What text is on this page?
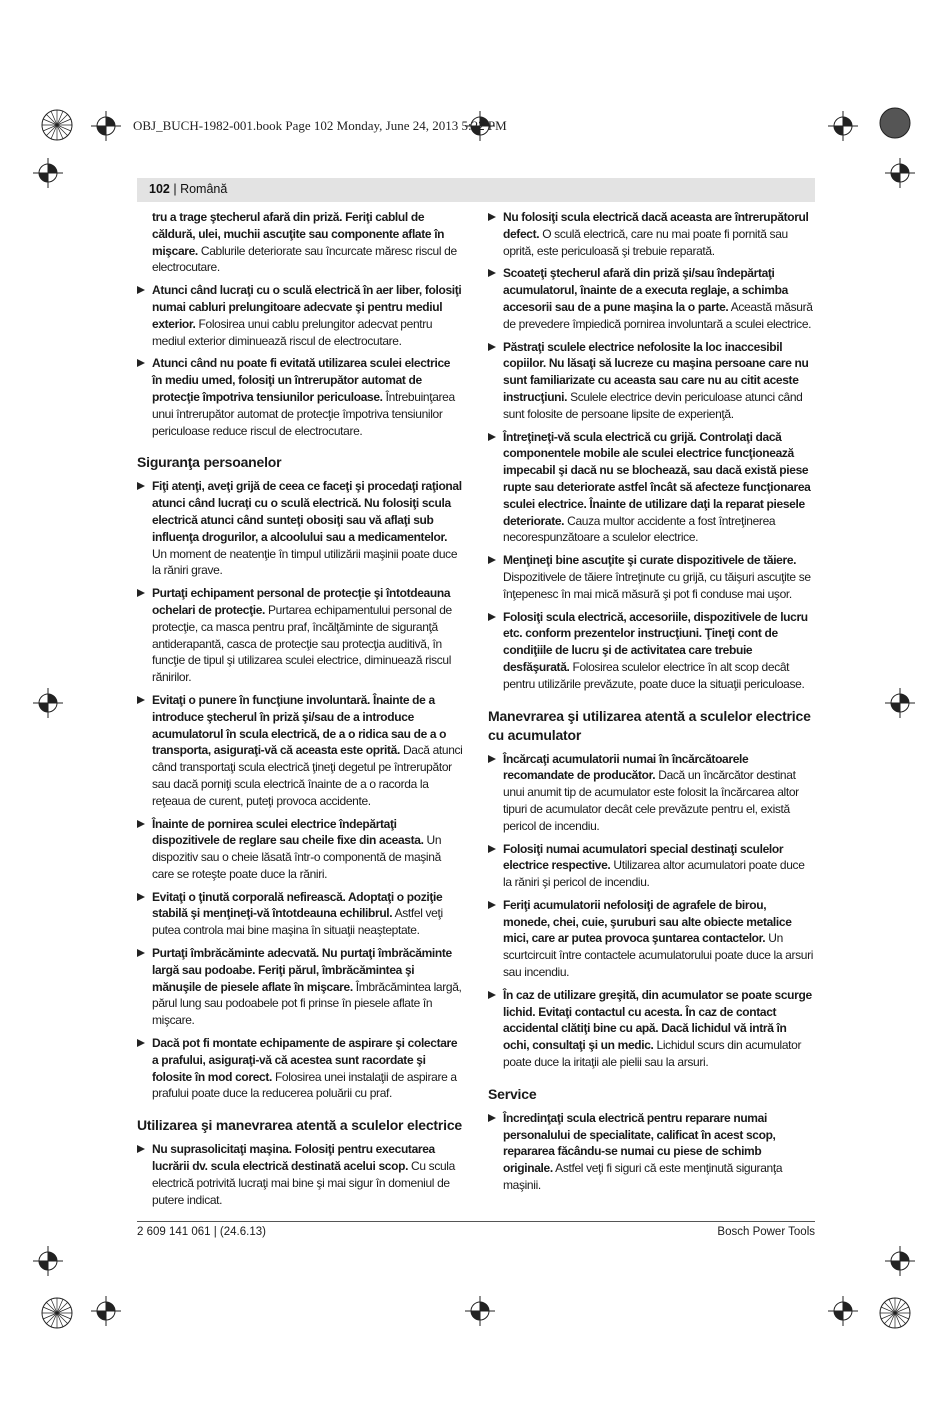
OBJ_BUCH-1982-001.book Page 102 Monday, June 24, 2013 5:22 PM
102 | Română
tru a trage ştecherul afară din priză. Feriţi cablul de căldură, ulei, muchii ascuţite sau componente aflate în mişcare. Cablurile deteriorate sau încurcate măresc riscul de electrocutare.
Atunci când lucraţi cu o sculă electrică în aer liber, folosiţi numai cabluri prelungitoare adecvate şi pentru mediul exterior. Folosirea unui cablu prelungitor adecvat pentru mediul exterior diminuează riscul de electrocutare.
Atunci când nu poate fi evitată utilizarea sculei electrice în mediu umed, folosiţi un întrerupător automat de protecţie împotriva tensiunilor periculoase. Întrebuinţarea unui întrerupător automat de protecţie împotriva tensiunilor periculoase reduce riscul de electrocutare.
Siguranţa persoanelor
Fiţi atenţi, aveţi grijă de ceea ce faceţi şi procedaţi raţional atunci când lucraţi cu o sculă electrică. Nu folosiţi scula electrică atunci când sunteţi obosiţi sau vă aflaţi sub influenţa drogurilor, a alcoolului sau a medicamentelor. Un moment de neatenţie în timpul utilizării maşinii poate duce la răniri grave.
Purtaţi echipament personal de protecţie şi întotdeauna ochelari de protecţie. Purtarea echipamentului personal de protecţie, ca masca pentru praf, încălţăminte de siguranţă antiderapantă, casca de protecţie sau protecţia auditivă, în funcţie de tipul şi utilizarea sculei electrice, diminuează riscul rănirilor.
Evitaţi o punere în funcţiune involuntară. Înainte de a introduce ştecherul în priză şi/sau de a introduce acumulatorul în scula electrică, de a o ridica sau de a o transporta, asiguraţi-vă că aceasta este oprită. Dacă atunci când transportaţi scula electrică ţineţi degetul pe întrerupător sau dacă porniţi scula electrică înainte de a o racorda la reţeaua de curent, puteţi provoca accidente.
Înainte de pornirea sculei electrice îndepărtaţi dispozitivele de reglare sau cheile fixe din aceasta. Un dispozitiv sau o cheie lăsată într-o componentă de maşină care se roteşte poate duce la răniri.
Evitaţi o ţinută corporală nefirească. Adoptaţi o poziţie stabilă şi menţineţi-vă întotdeauna echilibrul. Astfel veţi putea controla mai bine maşina în situaţii neaşteptate.
Purtaţi îmbrăcăminte adecvată. Nu purtaţi îmbrăcăminte largă sau podoabe. Feriţi părul, îmbrăcămintea şi mănuşile de piesele aflate în mişcare. Îmbrăcămintea largă, părul lung sau podoabele pot fi prinse în piesele aflate în mişcare.
Dacă pot fi montate echipamente de aspirare şi colectare a prafului, asiguraţi-vă că acestea sunt racordate şi folosite în mod corect. Folosirea unei instalaţii de aspirare a prafului poate duce la reducerea poluării cu praf.
Utilizarea şi manevrarea atentă a sculelor electrice
Nu suprasolicitaţi maşina. Folosiţi pentru executarea lucrării dv. scula electrică destinată acelui scop. Cu scula electrică potrivită lucraţi mai bine şi mai sigur în domeniul de putere indicat.
Nu folosiţi scula electrică dacă aceasta are întrerupătorul defect. O sculă electrică, care nu mai poate fi pornită sau oprită, este periculoasă şi trebuie reparată.
Scoateţi ştecherul afară din priză şi/sau îndepărtaţi acumulatorul, înainte de a executa reglaje, a schimba accesorii sau de a pune maşina la o parte. Această măsură de prevedere împiedică pornirea involuntară a sculei electrice.
Păstraţi sculele electrice nefolosite la loc inaccesibil copiilor. Nu lăsaţi să lucreze cu maşina persoane care nu sunt familiarizate cu aceasta sau care nu au citit aceste instrucţiuni. Sculele electrice devin periculoase atunci când sunt folosite de persoane lipsite de experienţă.
Întreţineţi-vă scula electrică cu grijă. Controlaţi dacă componentele mobile ale sculei electrice funcţionează impecabil şi dacă nu se blochează, sau dacă există piese rupte sau deteriorate astfel încât să afecteze funcţionarea sculei electrice. Înainte de utilizare daţi la reparat piesele deteriorate. Cauza multor accidente a fost întreţinerea necorespunzătoare a sculelor electrice.
Menţineţi bine ascuţite şi curate dispozitivele de tăiere. Dispozitivele de tăiere întreţinute cu grijă, cu tăişuri ascuţite se înţepenesc în mai mică măsură şi pot fi conduse mai uşor.
Folosiţi scula electrică, accesoriile, dispozitivele de lucru etc. conform prezentelor instrucţiuni. Ţineţi cont de condiţiile de lucru şi de activitatea care trebuie desfăşurată. Folosirea sculelor electrice în alt scop decât pentru utilizările prevăzute, poate duce la situaţii periculoase.
Manevrarea şi utilizarea atentă a sculelor electrice cu acumulator
Încărcaţi acumulatorii numai în încărcătoarele recomandate de producător. Dacă un încărcător destinat unui anumit tip de acumulator este folosit la încărcarea altor tipuri de acumulator decât cele prevăzute pentru el, există pericol de incendiu.
Folosiţi numai acumulatori special destinaţi sculelor electrice respective. Utilizarea altor acumulatori poate duce la răniri şi pericol de incendiu.
Feriţi acumulatorii nefolosiţi de agrafele de birou, monede, chei, cuie, şuruburi sau alte obiecte metalice mici, care ar putea provoca şuntarea contactelor. Un scurtcircuit între contactele acumulatorului poate duce la arsuri sau incendiu.
În caz de utilizare greşită, din acumulator se poate scurge lichid. Evitaţi contactul cu acesta. În caz de contact accidental clătiţi bine cu apă. Dacă lichidul vă intră în ochi, consultaţi şi un medic. Lichidul scurs din acumulator poate duce la iritaţii ale pielii sau la arsuri.
Service
Încredinţaţi scula electrică pentru reparare numai personalului de specialitate, calificat în acest scop, reparareа făcându-se numai cu piese de schimb originale. Astfel veţi fi siguri că este menţinută siguranţa maşinii.
2 609 141 061 | (24.6.13)	Bosch Power Tools
